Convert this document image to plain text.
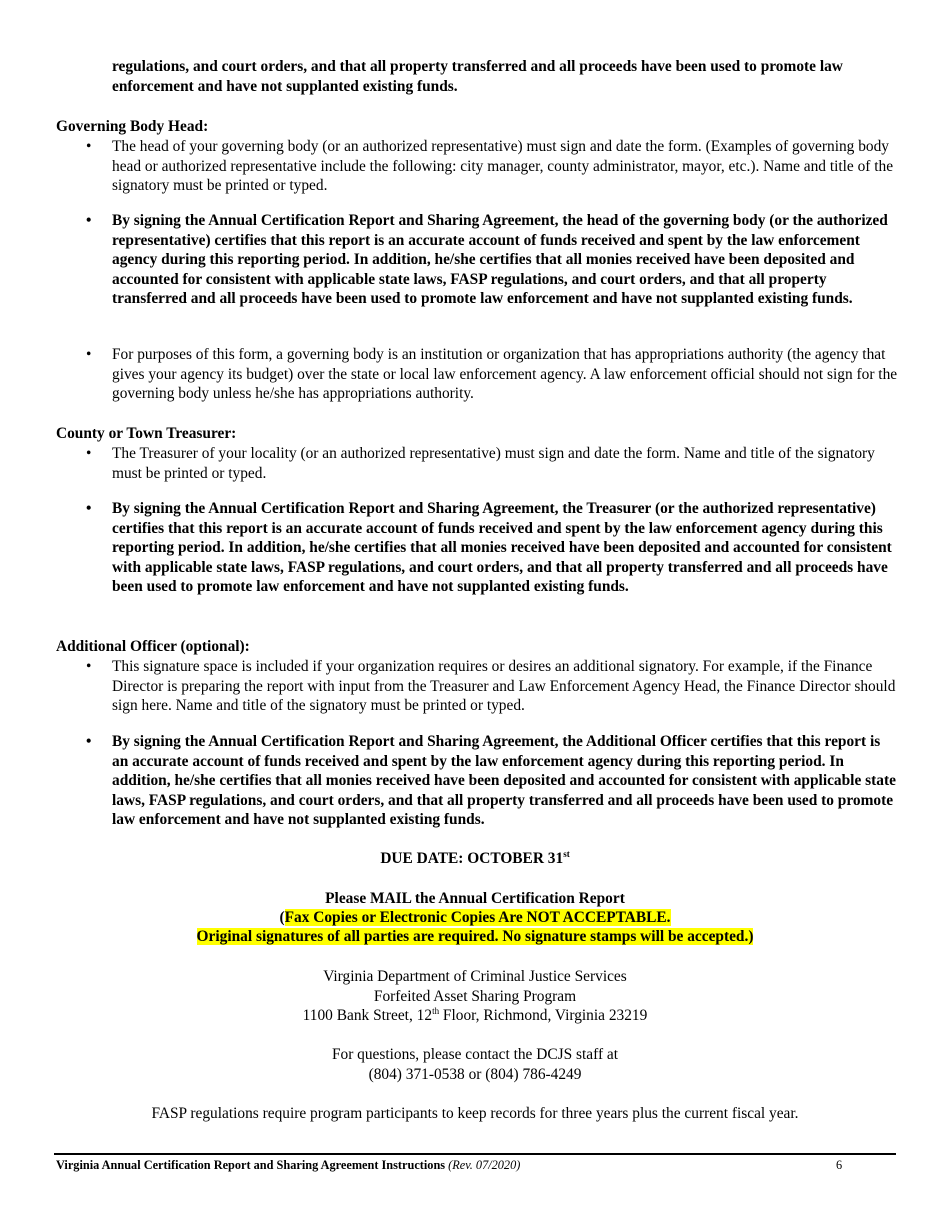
regulations, and court orders, and that all property transferred and all proceeds have been used to promote law enforcement and have not supplanted existing funds.
Governing Body Head:
• The head of your governing body (or an authorized representative) must sign and date the form. (Examples of governing body head or authorized representative include the following: city manager, county administrator, mayor, etc.). Name and title of the signatory must be printed or typed.
• By signing the Annual Certification Report and Sharing Agreement, the head of the governing body (or the authorized representative) certifies that this report is an accurate account of funds received and spent by the law enforcement agency during this reporting period. In addition, he/she certifies that all monies received have been deposited and accounted for consistent with applicable state laws, FASP regulations, and court orders, and that all property transferred and all proceeds have been used to promote law enforcement and have not supplanted existing funds.
• For purposes of this form, a governing body is an institution or organization that has appropriations authority (the agency that gives your agency its budget) over the state or local law enforcement agency. A law enforcement official should not sign for the governing body unless he/she has appropriations authority.
County or Town Treasurer:
• The Treasurer of your locality (or an authorized representative) must sign and date the form. Name and title of the signatory must be printed or typed.
• By signing the Annual Certification Report and Sharing Agreement, the Treasurer (or the authorized representative) certifies that this report is an accurate account of funds received and spent by the law enforcement agency during this reporting period. In addition, he/she certifies that all monies received have been deposited and accounted for consistent with applicable state laws, FASP regulations, and court orders, and that all property transferred and all proceeds have been used to promote law enforcement and have not supplanted existing funds.
Additional Officer (optional):
• This signature space is included if your organization requires or desires an additional signatory. For example, if the Finance Director is preparing the report with input from the Treasurer and Law Enforcement Agency Head, the Finance Director should sign here. Name and title of the signatory must be printed or typed.
• By signing the Annual Certification Report and Sharing Agreement, the Additional Officer certifies that this report is an accurate account of funds received and spent by the law enforcement agency during this reporting period. In addition, he/she certifies that all monies received have been deposited and accounted for consistent with applicable state laws, FASP regulations, and court orders, and that all property transferred and all proceeds have been used to promote law enforcement and have not supplanted existing funds.
DUE DATE: OCTOBER 31st
Please MAIL the Annual Certification Report
(Fax Copies or Electronic Copies Are NOT ACCEPTABLE.
Original signatures of all parties are required. No signature stamps will be accepted.)
Virginia Department of Criminal Justice Services
Forfeited Asset Sharing Program
1100 Bank Street, 12th Floor, Richmond, Virginia 23219
For questions, please contact the DCJS staff at
(804) 371-0538 or (804) 786-4249
FASP regulations require program participants to keep records for three years plus the current fiscal year.
Virginia Annual Certification Report and Sharing Agreement Instructions (Rev. 07/2020)	6
